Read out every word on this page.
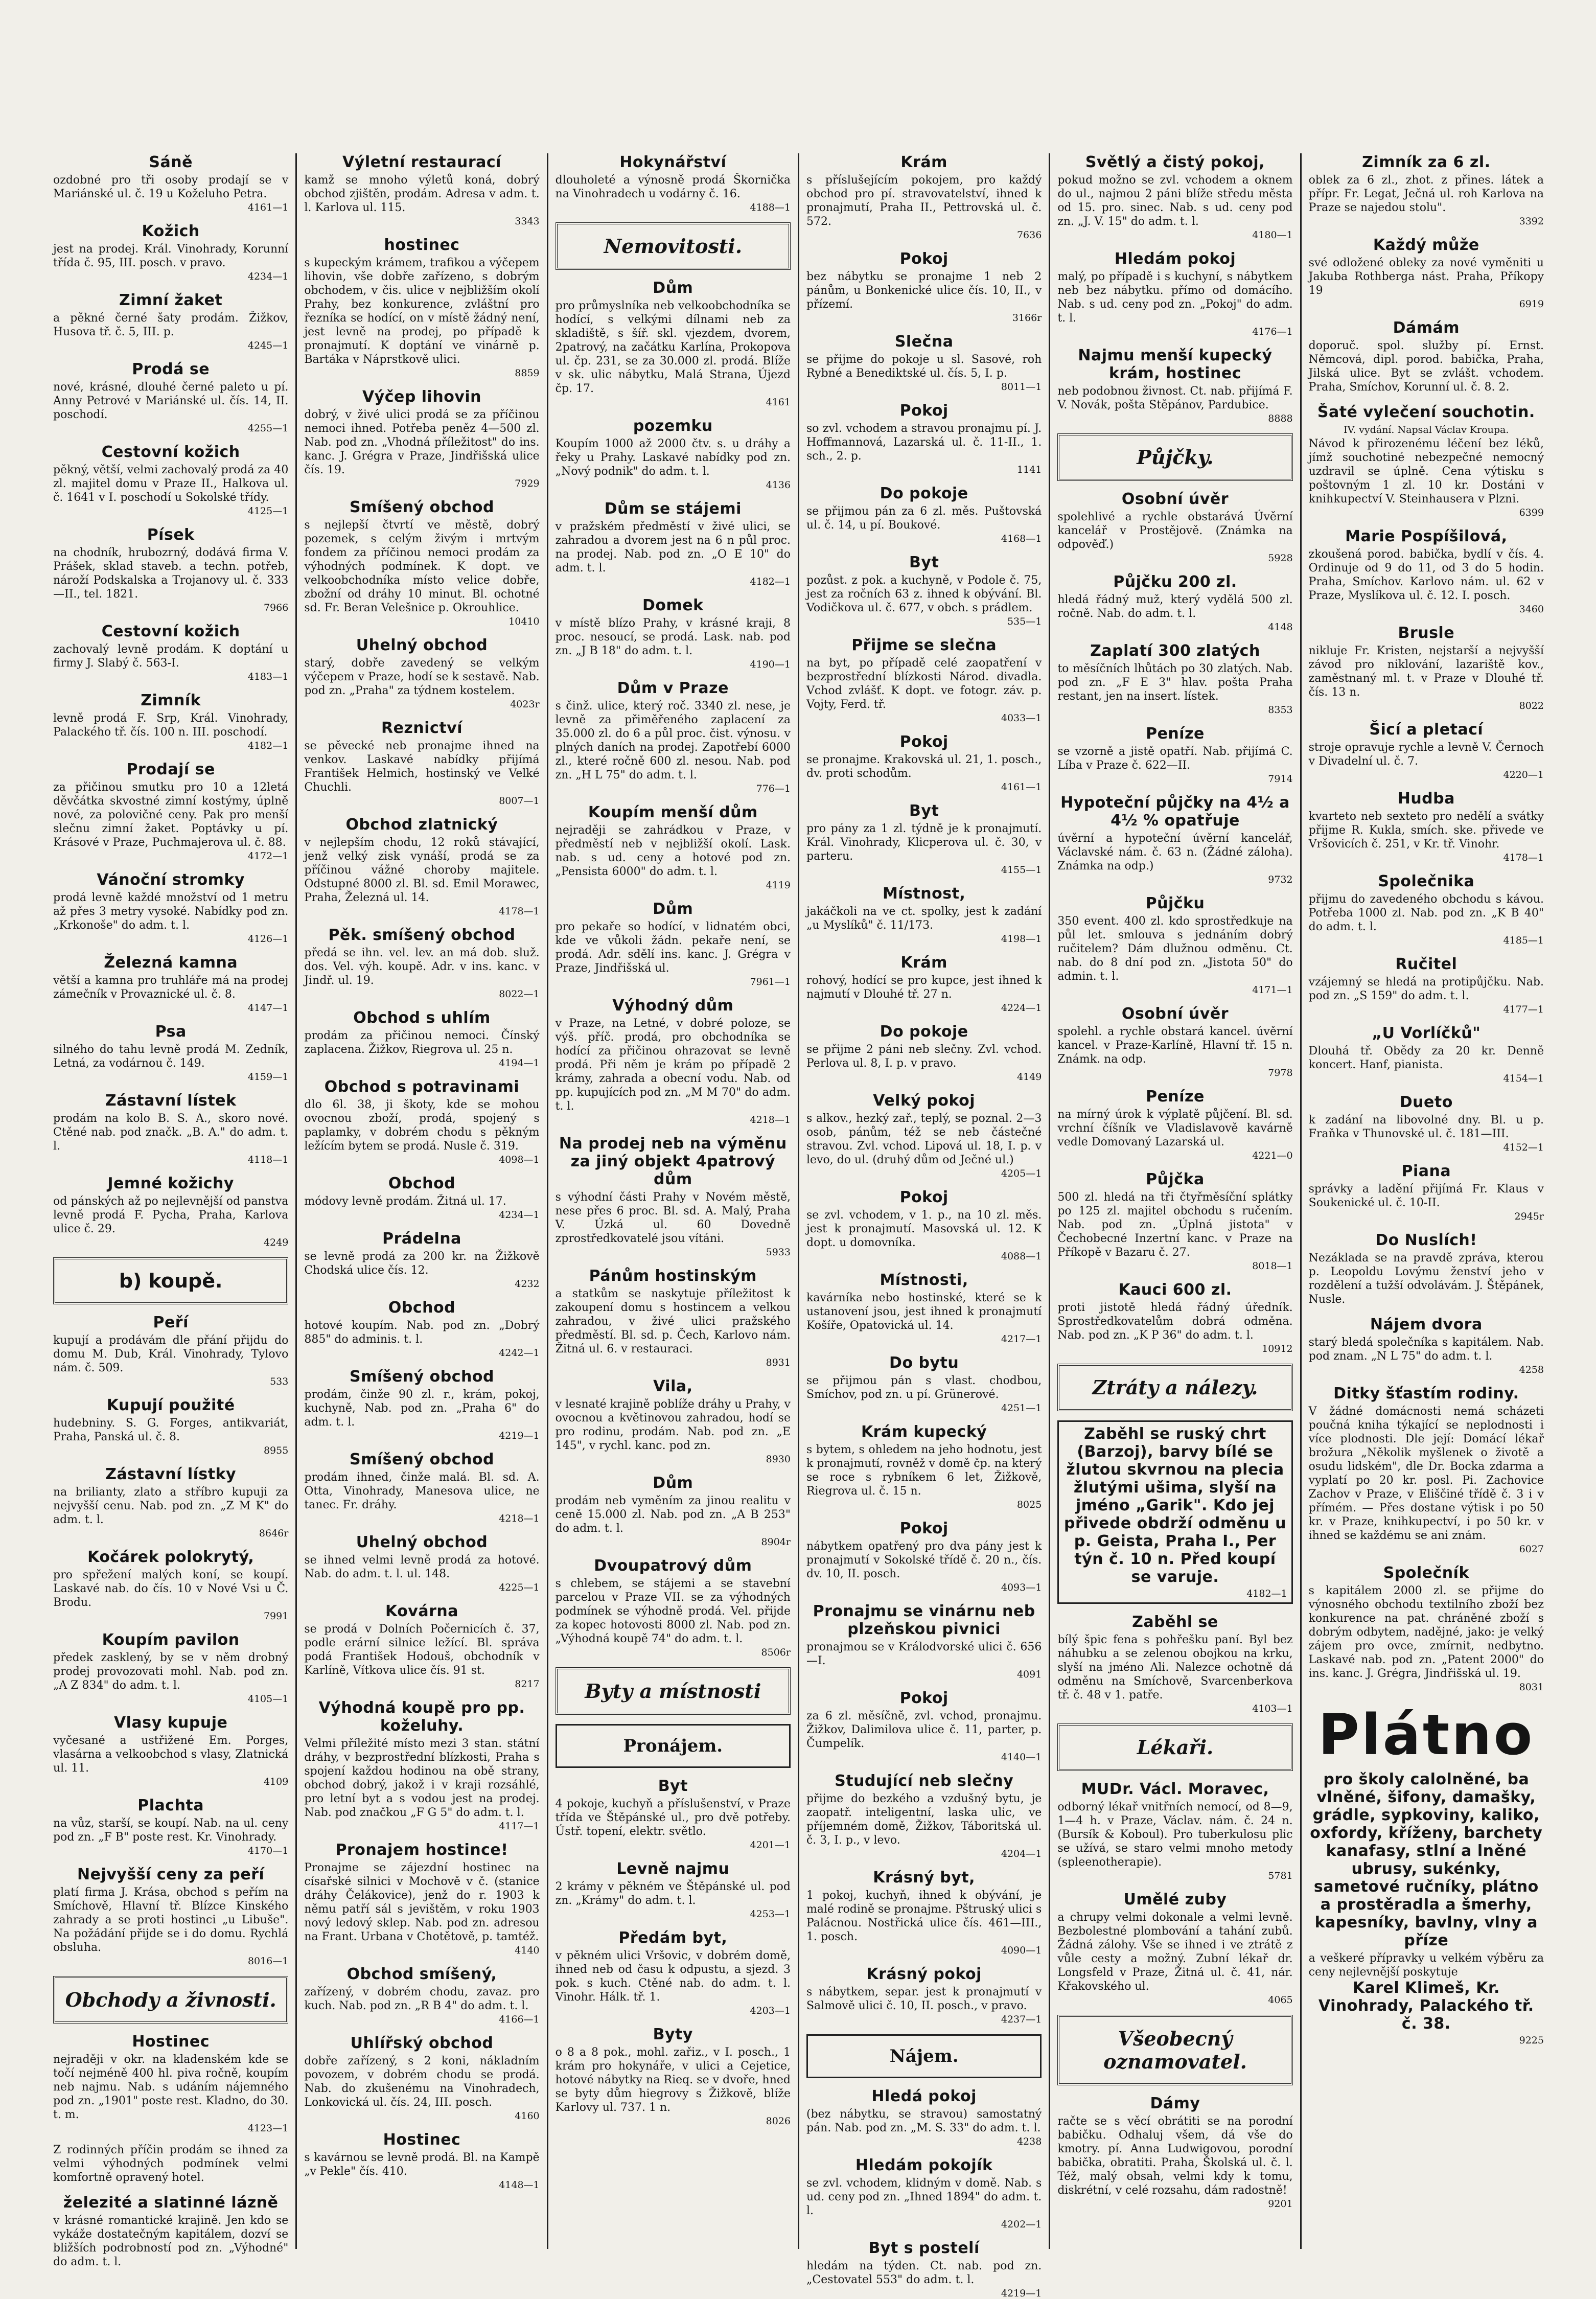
Sáně

ozdobné pro tři osoby prodají se v Mariánské ul. č. 19 u Koželuho Petra.

4161—1
Kožich

jest na prodej. Král. Vinohrady, Korunní třída č. 95, III. posch. v pravo.

4234—1
Zimní žaket

a pěkné černé šaty prodám. Žižkov, Husova tř. č. 5, III. p.

4245—1
Prodá se

nové, krásné, dlouhé černé paleto u pí. Anny Petrové v Mariánské ul. čís. 14, II. poschodí.

4255—1
Cestovní kožich

pěkný, větší, velmi zachovalý prodá za 40 zl. majitel domu v Praze II., Halkova ul. č. 1641 v I. poschodí u Sokolské třídy.

4125—1
Písek

na chodník, hrubozrný, dodává firma V. Prášek, sklad staveb. a techn. potřeb, nároží Podskalska a Trojanovy ul. č. 333—II., tel. 1821.

7966
Cestovní kožich

zachovalý levně prodám. K doptání u firmy J. Slabý č. 563-I.

4183—1
Zimník

levně prodá F. Srp, Král. Vinohrady, Palackého tř. čís. 100 n. III. poschodí.

4182—1
Prodají se

za přičinou smutku pro 10 a 12letá děvčátka skvostné zimní kostýmy, úplně nové, za polovičné ceny. Pak pro menší slečnu zimní žaket. Poptávky u pí. Krásové v Praze, Puchmajerova ul. č. 88.

4172—1
Vánoční stromky

prodá levně každé množství od 1 metru až přes 3 metry vysoké. Nabídky pod zn. „Krkonoše" do adm. t. l.

4126—1
Železná kamna

větší a kamna pro truhláře má na prodej zámečník v Provaznické ul. č. 8.

4147—1
Psa

silného do tahu levně prodá M. Zedník, Letná, za vodárnou č. 149.

4159—1
Zástavní lístek

prodám na kolo B. S. A., skoro nové. Ctěné nab. pod značk. „B. A." do adm. t. l.

4118—1
Jemné kožichy

od pánských až po nejlevnější od panstva levně prodá F. Pycha, Praha, Karlova ulice č. 29.

4249
b) koupě.
Peří

kupují a prodávám dle přání přijdu do domu M. Dub, Král. Vinohrady, Tylovo nám. č. 509.

533
Kupují použité

hudebniny. S. G. Forges, antikvariát, Praha, Panská ul. č. 8.

8955
Zástavní lístky

na brilianty, zlato a stříbro kupuji za nejvyšší cenu. Nab. pod zn. „Z M K" do adm. t. l.

8646r
Kočárek polokrytý,

pro spřežení malých koní, se koupí. Laskavé nab. do čís. 10 v Nové Vsi u Č. Brodu.

7991
Koupím pavilon

předek zasklený, by se v něm drobný prodej provozovati mohl. Nab. pod zn. „A Z 834" do adm. t. l.

4105—1
Vlasy kupuje

vyčesané a ustřižené Em. Porges, vlasárna a velkoobchod s vlasy, Zlatnická ul. 11.

4109
Plachta

na vůz, starší, se koupí. Nab. na ul. ceny pod zn. „F B" poste rest. Kr. Vinohrady.

4170—1
Nejvyšší ceny za peří

platí firma J. Krása, obchod s peřím na Smíchově, Hlavní tř. Blízce Kinského zahrady a se proti hostinci „u Libuše". Na požádání přijde se i do domu. Rychlá obsluha.

8016—1
Obchody a živnosti.
Hostinec

nejraději v okr. na kladenském kde se točí nejméně 400 hl. piva ročně, koupím neb najmu. Nab. s udáním nájemného pod zn. „1901" poste rest. Kladno, do 30. t. m.

4123—1

Z rodinných příčin prodám se ihned za velmi výhodných podmínek velmi komfortně opravený hotel.

železité a slatinné lázně

v krásné romantické krajině. Jen kdo se vykáže dostatečným kapitálem, dozví se bližších podrobností pod zn. „Výhodné" do adm. t. l.

Výletní restaurací

kamž se mnoho výletů koná, dobrý obchod zjištěn, prodám. Adresa v adm. t. l. Karlova ul. 115.

3343
hostinec

s kupeckým krámem, trafikou a výčepem lihovin, vše dobře zařízeno, s dobrým obchodem, v čis. ulice v nejbližším okolí Prahy, bez konkurence, zvláštní pro řezníka se hodící, on v místě žádný není, jest levně na prodej, po případě k pronajmutí. K doptání ve vinárně p. Bartáka v Náprstkově ulici.

8859
Výčep lihovin

dobrý, v živé ulici prodá se za příčinou nemoci ihned. Potřeba peněz 4—500 zl. Nab. pod zn. „Vhodná příležitost" do ins. kanc. J. Grégra v Praze, Jindřišská ulice čís. 19.

7929
Smíšený obchod

s nejlepší čtvrtí ve městě, dobrý pozemek, s celým živým i mrtvým fondem za příčinou nemoci prodám za výhodných podmínek. K dopt. ve velkoobchodníka místo velice dobře, zbožní od dráhy 10 minut. Bl. ochotné sd. Fr. Beran Velešnice p. Okrouhlice.

10410
Uhelný obchod

starý, dobře zavedený se velkým výčepem v Praze, hodí se k sestavě. Nab. pod zn. „Praha" za týdnem kostelem.

4023r
Reznictví

se pěvecké neb pronajme ihned na venkov. Laskavé nabídky přijímá František Helmich, hostinský ve Velké Chuchli.

8007—1
Obchod zlatnický

v nejlepším chodu, 12 roků stávající, jenž velký zisk vynáší, prodá se za příčinou vážné choroby majitele. Odstupné 8000 zl. Bl. sd. Emil Morawec, Praha, Železná ul. 14.

4178—1
Pěk. smíšený obchod

předá se ihn. vel. lev. an má dob. služ. dos. Vel. výh. koupě. Adr. v ins. kanc. v Jindř. ul. 19.

8022—1
Obchod s uhlím

prodám za přičinou nemoci. Čínský zaplacena. Žižkov, Riegrova ul. 25 n.

4194—1
Obchod s potravinami

dlo 6l. 38, ji škoty, kde se mohou ovocnou zboží, prodá, spojený s paplamky, v dobrém chodu s pěkným ležícím bytem se prodá. Nusle č. 319.

4098—1
Obchod

módovy levně prodám. Žitná ul. 17.

4234—1
Prádelna

se levně prodá za 200 kr. na Žižkově Chodská ulice čís. 12.

4232
Obchod

hotové koupím. Nab. pod zn. „Dobrý 885" do adminis. t. l.

4242—1
Smíšený obchod

prodám, činže 90 zl. r., krám, pokoj, kuchyně, Nab. pod zn. „Praha 6" do adm. t. l.

4219—1
Smíšený obchod

prodám ihned, činže malá. Bl. sd. A. Otta, Vinohrady, Manesova ulice, ne tanec. Fr. dráhy.

4218—1
Uhelný obchod

se ihned velmi levně prodá za hotové. Nab. do adm. t. l. ul. 148.

4225—1
Kovárna

se prodá v Dolních Počernicích č. 37, podle erární silnice ležící. Bl. správa podá František Hodouš, obchodník v Karlíně, Vítkova ulice čís. 91 st.

8217
Výhodná koupě pro pp. koželuhy.

Velmi příležité místo mezi 3 stan. státní dráhy, v bezprostřední blízkosti, Praha s spojení každou hodinou na obě strany, obchod dobrý, jakož i v kraji rozsáhlé, pro letní byt a s vodou jest na prodej. Nab. pod značkou „F G 5" do adm. t. l.

4117—1
Pronajem hostince!

Pronajme se zájezdní hostinec na císařské silnici v Mochově v č. (stanice dráhy Čelákovice), jenž do r. 1903 k němu patří sál s jevištěm, v roku 1903 nový ledový sklep. Nab. pod zn. adresou na Frant. Urbana v Chotětově, p. tamtéž.

4140
Obchod smíšený,

zařízený, v dobrém chodu, zavaz. pro kuch. Nab. pod zn. „R B 4" do adm. t. l.

4166—1
Uhlířský obchod

dobře zařízený, s 2 koni, nákladním povozem, v dobrém chodu se prodá. Nab. do zkušenému na Vinohradech, Lonkovická ul. čís. 24, III. posch.

4160
Hostinec

s kavárnou se levně prodá. Bl. na Kampě „v Pekle" čís. 410.

4148—1
Hokynářství

dlouholeté a výnosně prodá Škornička na Vinohradech u vodárny č. 16.

4188—1
Nemovitosti.
Dům

pro průmyslníka neb velkoobchodníka se hodící, s velkými dílnami neb za skladiště, s šíř. skl. vjezdem, dvorem, 2patrový, na začátku Karlína, Prokopova ul. čp. 231, se za 30.000 zl. prodá. Blíže v sk. ulic nábytku, Malá Strana, Újezd čp. 17.

4161
pozemku

Koupím 1000 až 2000 čtv. s. u dráhy a řeky u Prahy. Laskavé nabídky pod zn. „Nový podnik" do adm. t. l.

4136
Dům se stájemi

v pražském předměstí v živé ulici, se zahradou a dvorem jest na 6 n půl proc. na prodej. Nab. pod zn. „O E 10" do adm. t. l.

4182—1
Domek

v místě blízo Prahy, v krásné kraji, 8 proc. nesoucí, se prodá. Lask. nab. pod zn. „J B 18" do adm. t. l.

4190—1
Dům v Praze

s činž. ulice, který roč. 3340 zl. nese, je levně za přiměřeného zaplacení za 35.000 zl. do 6 a půl proc. čist. výnosu. v plných daních na prodej. Zapotřebí 6000 zl., které ročně 600 zl. nesou. Nab. pod zn. „H L 75" do adm. t. l.

776—1
Koupím menší dům

nejraději se zahrádkou v Praze, v předměstí neb v nejbližší okolí. Lask. nab. s ud. ceny a hotové pod zn. „Pensista 6000" do adm. t. l.

4119
Dům

pro pekaře so hodící, v lidnatém obci, kde ve vůkoli žádn. pekaře není, se prodá. Adr. sdělí ins. kanc. J. Grégra v Praze, Jindřišská ul.

7961—1
Výhodný dům

v Praze, na Letné, v dobré poloze, se výš. příč. prodá, pro obchodníka se hodící za přičinou ohrazovat se levně prodá. Při něm je krám po případě 2 krámy, zahrada a obecní vodu. Nab. od pp. kupujících pod zn. „M M 70" do adm. t. l.

4218—1
Na prodej neb na výměnu za jiný objekt 4patrový dům

s výhodní části Prahy v Novém městě, nese přes 6 proc. Bl. sd. A. Malý, Praha V. Úzká ul. 60 Dovedně zprostředkovatelé jsou vítáni.

5933
Pánům hostinským

a statkům se naskytuje příležitost k zakoupení domu s hostincem a velkou zahradou, v živé ulici pražského předměstí. Bl. sd. p. Čech, Karlovo nám. Žitná ul. 6. v restauraci.

8931
Vila,

v lesnaté krajině poblíže dráhy u Prahy, v ovocnou a květinovou zahradou, hodí se pro rodinu, prodám. Nab. pod zn. „E 145", v rychl. kanc. pod zn.

8930
Dům

prodám neb vyměním za jinou realitu v ceně 15.000 zl. Nab. pod zn. „A B 253" do adm. t. l.

8904r
Dvoupatrový dům

s chlebem, se stájemi a se stavební parcelou v Praze VII. se za výhodných podmínek se výhodně prodá. Vel. přijde za kopec hotovosti 8000 zl. Nab. pod zn. „Výhodná koupě 74" do adm. t. l.

8506r
Byty a místnosti
Pronájem.
Byt

4 pokoje, kuchyň a příslušenství, v Praze třída ve Štěpánské ul., pro dvě potřeby. Ústř. topení, elektr. světlo.

4201—1
Levně najmu

2 krámy v pěkném ve Štěpánské ul. pod zn. „Krámy" do adm. t. l.

4253—1
Předám byt,

v pěkném ulici Vršovic, v dobrém domě, ihned neb od času k odpustu, a sjezd. 3 pok. s kuch. Ctěné nab. do adm. t. l. Vinohr. Hálk. tř. 1.

4203—1
Byty

o 8 a 8 pok., mohl. zařiz., v I. posch., 1 krám pro hokynáře, v ulici a Cejetice, hotové nábytky na Rieq. se v dvoře, hned se byty dům hiegrovy s Žižkově, blíže Karlovy ul. 737. 1 n.

8026
Krám

s příslušejícím pokojem, pro každý obchod pro pí. stravovatelství, ihned k pronajmutí, Praha II., Pettrovská ul. č. 572.

7636
Pokoj

bez nábytku se pronajme 1 neb 2 pánům, u Bonkenické ulice čís. 10, II., v přízemí.

3166r
Slečna

se přijme do pokoje u sl. Sasové, roh Rybné a Benediktské ul. čís. 5, I. p.

8011—1
Pokoj

so zvl. vchodem a stravou pronajmu pí. J. Hoffmannová, Lazarská ul. č. 11-II., 1. sch., 2. p.

1141
Do pokoje

se přijmou pán za 6 zl. měs. Puštovská ul. č. 14, u pí. Boukové.

4168—1
Byt

pozůst. z pok. a kuchyně, v Podole č. 75, jest za ročních 63 z. ihned k obývání. Bl. Vodičkova ul. č. 677, v obch. s prádlem.

535—1
Přijme se slečna

na byt, po případě celé zaopatření v bezprostřední blízkosti Národ. divadla. Vchod zvlášť. K dopt. ve fotogr. záv. p. Vojty, Ferd. tř.

4033—1
Pokoj

se pronajme. Krakovská ul. 21, 1. posch., dv. proti schodům.

4161—1
Byt

pro pány za 1 zl. týdně je k pronajmutí. Král. Vinohrady, Klicperova ul. č. 30, v parteru.

4155—1
Místnost,

jakáčkoli na ve ct. spolky, jest k zadání „u Myslíků" č. 11/173.

4198—1
Krám

rohový, hodící se pro kupce, jest ihned k najmutí v Dlouhé tř. 27 n.

4224—1
Do pokoje

se přijme 2 páni neb slečny. Zvl. vchod. Perlova ul. 8, I. p. v pravo.

4149
Velký pokoj

s alkov., hezký zař., teplý, se poznal. 2—3 osob, pánům, též se neb částečné stravou. Zvl. vchod. Lipová ul. 18, I. p. v levo, do ul. (druhý dům od Ječné ul.)

4205—1
Pokoj

se zvl. vchodem, v 1. p., na 10 zl. měs. jest k pronajmutí. Masovská ul. 12. K dopt. u domovníka.

4088—1
Místnosti,

kavárníka nebo hostinské, které se k ustanovení jsou, jest ihned k pronajmutí Košíře, Opatovická ul. 14.

4217—1
Do bytu

se přijmou pán s vlast. chodbou, Smíchov, pod zn. u pí. Grünerové.

4251—1
Krám kupecký

s bytem, s ohledem na jeho hodnotu, jest k pronajmutí, rovněž v domě čp. na který se roce s rybníkem 6 let, Žižkově, Riegrova ul. č. 15 n.

8025
Pokoj

nábytkem opatřený pro dva pány jest k pronajmutí v Sokolské třídě č. 20 n., čís. dv. 10, II. posch.

4093—1
Pronajmu se vinárnu neb plzeňskou pivnici

pronajmou se v Králodvorské ulici č. 656—I.

4091
Pokoj

za 6 zl. měsíčně, zvl. vchod, pronajmu. Žižkov, Dalimilova ulice č. 11, parter, p. Čumpelík.

4140—1
Studující neb slečny

přijme do bezkého a vzdušný bytu, je zaopatř. inteligentní, laska ulic, ve příjemném domě, Žižkov, Táboritská ul. č. 3, I. p., v levo.

4204—1
Krásný byt,

1 pokoj, kuchyň, ihned k obývání, je malé rodině se pronajme. Pštruský ulici s Palácnou. Nostřická ulice čís. 461—III., 1. posch.

4090—1
Krásný pokoj

s nábytkem, separ. jest k pronajmutí v Salmově ulici č. 10, II. posch., v pravo.

4237—1
Nájem.
Hledá pokoj

(bez nábytku, se stravou) samostatný pán. Nab. pod zn. „M. S. 33" do adm. t. l.

4238
Hledám pokojík

se zvl. vchodem, klidným v domě. Nab. s ud. ceny pod zn. „Ihned 1894" do adm. t. l.

4202—1
Byt s postelí

hledám na týden. Ct. nab. pod zn. „Cestovatel 553" do adm. t. l.

4219—1
Světlý a čistý pokoj,

pokud možno se zvl. vchodem a oknem do ul., najmou 2 páni blíže středu města od 15. pro. sinec. Nab. s ud. ceny pod zn. „J. V. 15" do adm. t. l.

4180—1
Hledám pokoj

malý, po případě i s kuchyní, s nábytkem neb bez nábytku. přímo od domácího. Nab. s ud. ceny pod zn. „Pokoj" do adm. t. l.

4176—1
Najmu menší kupecký krám, hostinec

neb podobnou živnost. Ct. nab. přijímá F. V. Novák, pošta Stěpánov, Pardubice.

8888
Půjčky.
Osobní úvěr

spolehlivé a rychle obstarává Úvěrní kancelář v Prostějově. (Známka na odpověď.)

5928
Půjčku 200 zl.

hledá řádný muž, který vydělá 500 zl. ročně. Nab. do adm. t. l.

4148
Zaplatí 300 zlatých

to měsíčních lhůtách po 30 zlatých. Nab. pod zn. „F E 3" hlav. pošta Praha restant, jen na insert. lístek.

8353
Peníze

se vzorně a jistě opatří. Nab. přijímá C. Líba v Praze č. 622—II.

7914
Hypoteční půjčky na 4½ a 4½ % opatřuje

úvěrní a hypoteční úvěrní kancelář, Václavské nám. č. 63 n. (Žádné záloha). Známka na odp.)

9732
Půjčku

350 event. 400 zl. kdo sprostředkuje na půl let. smlouva s jednáním dobrý ručitelem? Dám dlužnou odměnu. Ct. nab. do 8 dní pod zn. „Jistota 50" do admin. t. l.

4171—1
Osobní úvěr

spolehl. a rychle obstará kancel. úvěrní kancel. v Praze-Karlíně, Hlavní tř. 15 n. Známk. na odp.

7978
Peníze

na mírný úrok k výplatě půjčení. Bl. sd. vrchní číšník ve Vladislavově kavárně vedle Domovaný Lazarská ul.

4221—0
Půjčka

500 zl. hledá na tři čtyřměsíční splátky po 125 zl. majitel obchodu s ručením. Nab. pod zn. „Úplná jistota" v Čechobecné Inzertní kanc. v Praze na Příkopě v Bazaru č. 27.

8018—1
Kauci 600 zl.

proti jistotě hledá řádný úředník. Sprostředkovatelům dobrá odměna. Nab. pod zn. „K P 36" do adm. t. l.

10912
Ztráty a nálezy.
Zaběhl se ruský chrt (Barzoj), barvy bílé se žlutou skvrnou na plecia žlutými ušima, slyší na jméno „Garik". Kdo jej přivede obdrží odměnu u p. Geista, Praha I., Per týn č. 10 n. Před koupí se varuje.
4182—1
Zaběhl se

bílý špic fena s pohřešku paní. Byl bez náhubku a se zelenou obojkou na krku, slyší na jméno Ali. Nalezce ochotně dá odměnu na Smíchově, Svarcenberkova tř. č. 48 v 1. patře.

4103—1
Lékaři.
MUDr. Václ. Moravec,

odborný lékař vnitřních nemocí, od 8—9, 1—4 h. v Praze, Václav. nám. č. 24 n. (Bursík & Koboul). Pro tuberkulosu plic se užívá, se staro velmi mnoho metody (spleenotherapie).

5781
Umělé zuby

a chrupy velmi dokonale a velmi levně. Bezbolestné plombování a tahání zubů. Žádná zálohy. Vše se ihned i ve ztrátě z vůle cesty a možný. Zubní lékař dr. Longsfeld v Praze, Žitná ul. č. 41, nár. Křakovského ul.

4065
Všeobecný oznamovatel.
Dámy

račte se s věcí obrátiti se na porodní babičku. Odhaluj všem, dá vše do kmotry. pí. Anna Ludwigovou, porodní babička, obratiti. Praha, Školská ul. č. l. Též, malý obsah, velmi kdy k tomu, diskrétní, v celé rozsahu, dám radostně!

9201
Zimník za 6 zl.

oblek za 6 zl., zhot. z přines. látek a přípr. Fr. Legat, Ječná ul. roh Karlova na Praze se najedou stolu".

3392
Každý může

své odložené obleky za nové vyměniti u Jakuba Rothberga nást. Praha, Příkopy 19

6919
Dámám

doporuč. spol. služby pí. Ernst. Němcová, dipl. porod. babička, Praha, Jilská ulice. Byt se zvlášt. vchodem. Praha, Smíchov, Korunní ul. č. 8. 2.

Šaté vylečení souchotin.

IV. vydání. Napsal Václav Kroupa.

Návod k přirozenému léčení bez léků, jímž souchotiné nebezpečné nemocný uzdravil se úplně. Cena výtisku s poštovným 1 zl. 10 kr. Dostáni v knihkupectví V. Steinhausera v Plzni.

6399
Marie Pospíšilová,

zkoušená porod. babička, bydlí v čís. 4. Ordinuje od 9 do 11, od 3 do 5 hodin. Praha, Smíchov. Karlovo nám. ul. 62 v Praze, Myslíkova ul. č. 12. I. posch.

3460
Brusle

nikluje Fr. Kristen, nejstarší a nejvyšší závod pro niklování, lazariště kov., zaměstnaný ml. t. v Praze v Dlouhé tř. čís. 13 n.

8022
Šicí a pletací

stroje opravuje rychle a levně V. Černoch v Divadelní ul. č. 7.

4220—1
Hudba

kvarteto neb sexteto pro nedělí a svátky přijme R. Kukla, smích. ske. přivede ve Vršovicích č. 251, v Kr. tř. Vinohr.

4178—1
Společnika

přijmu do zavedeného obchodu s kávou. Potřeba 1000 zl. Nab. pod zn. „K B 40" do adm. t. l.

4185—1
Ručitel

vzájemný se hledá na protipůjčku. Nab. pod zn. „S 159" do adm. t. l.

4177—1
„U Vorlíčků"

Dlouhá tř. Obědy za 20 kr. Denně koncert. Hanf, pianista.

4154—1
Dueto

k zadání na libovolné dny. Bl. u p. Fraňka v Thunovské ul. č. 181—III.

4152—1
Piana

správky a ladění přijímá Fr. Klaus v Soukenické ul. č. 10-II.

2945r
Do Nuslích!

Nezáklada se na pravdě zpráva, kterou p. Leopoldu Lovýmu ženství jeho v rozdělení a tužší odvolávám. J. Štěpánek, Nusle.

Nájem dvora

starý bledá společníka s kapitálem. Nab. pod znam. „N L 75" do adm. t. l.

4258
Ditky šťastím rodiny.

V žádné domácnosti nemá scházeti poučná kniha týkající se neplodnosti i více plodnosti. Dle její: Domácí lékař brožura „Několik myšlenek o životě a osudu lidském", dle Dr. Bocka zdarma a vyplatí po 20 kr. posl. Pi. Zachovice Zachov v Praze, v Eliščiné třídě č. 3 i v přímém. — Přes dostane výtisk i po 50 kr. v Praze, knihkupectví, i po 50 kr. v ihned se každému se ani znám.

6027
Společník

s kapitálem 2000 zl. se přijme do výnosného obchodu textilního zboží bez konkurence na pat. chráněné zboží s dobrým odbytem, nadějné, jako: je velký zájem pro ovce, zmírnit, nedbytno. Laskavé nab. pod zn. „Patent 2000" do ins. kanc. J. Grégra, Jindřišská ul. 19.

8031
Plátno
pro školy calolněné, ba vlněné, šifony, damašky, grádle, sypkoviny, kaliko, oxfordy, kříženy, barchety kanafasy, stlní a lněné ubrusy, sukénky, sametové ručníky, plátno a prostěradla a šmerhy, kapesníky, bavlny, vlny a příze

a veškeré přípravky u velkém výběru za ceny nejlevnější poskytuje

Karel Klimeš, Kr. Vinohrady, Palackého tř. č. 38.
9225
